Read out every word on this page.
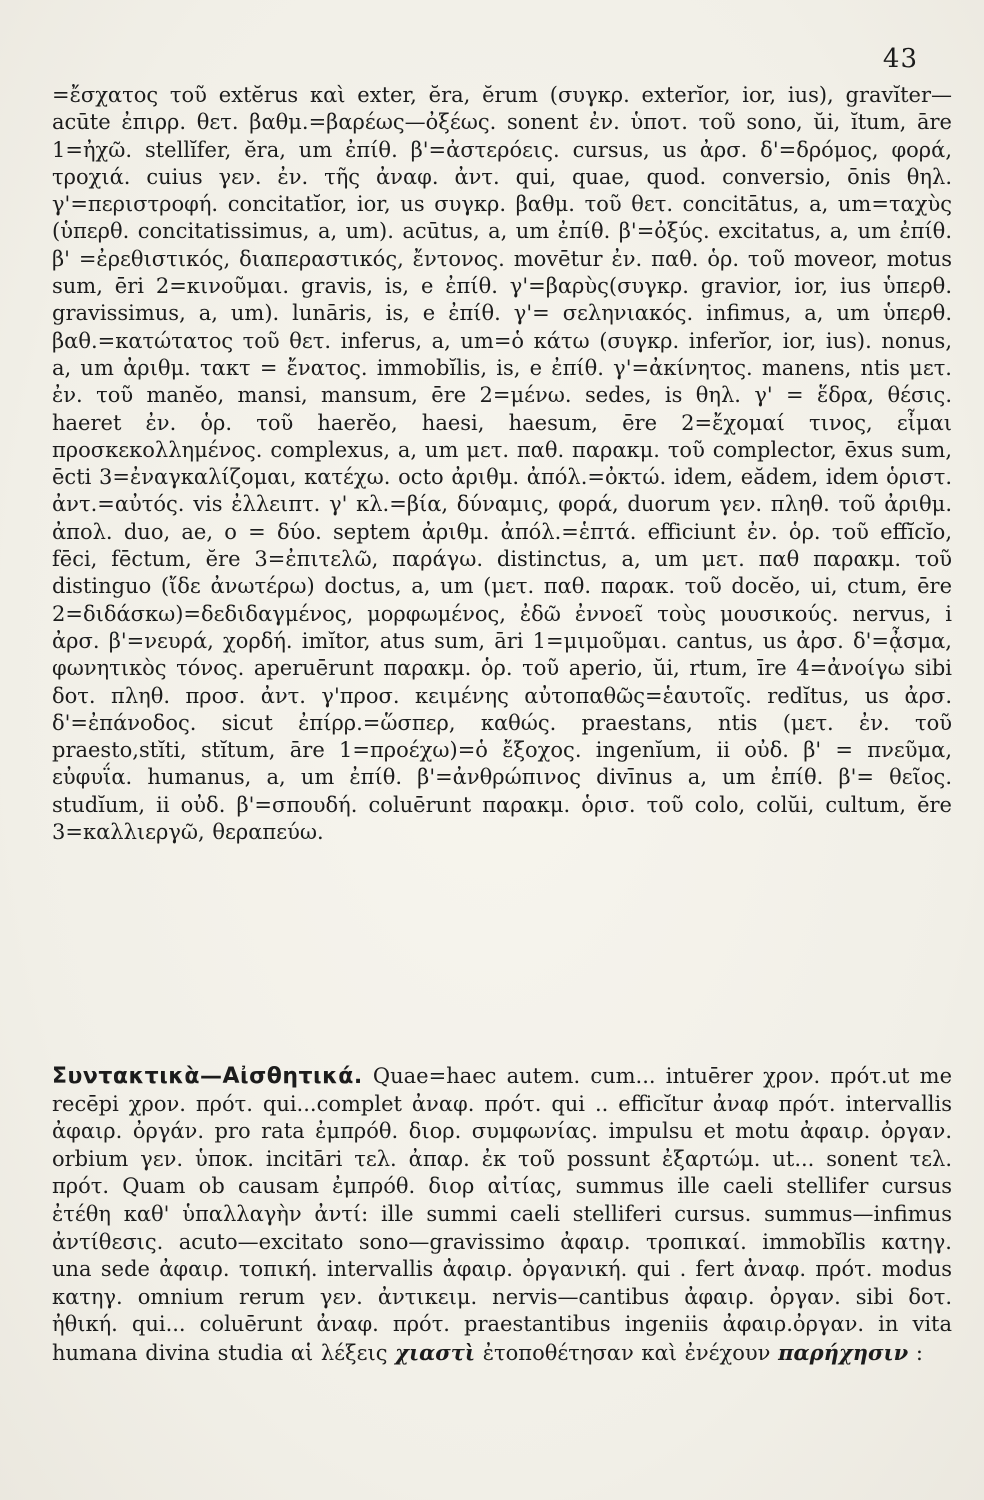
43

=ἔσχατος τοῦ extĕrus καὶ exter, ĕra, ĕrum (συγκρ. exterĭor, ior, ius), gravĭter—acūte ἐπιρρ. θετ. βαθμ.=βαρέως—ὀξέως. sonent ἐν. ὑποτ. τοῦ sono, ŭi, ĭtum, āre 1=ἠχῶ. stellĭfer, ĕra, um ἐπίθ. β'=ἀστερόεις. cursus, us ἀρσ. δ'=δρόμος, φορά, τροχιά. cuius γεν. ἐν. τῆς ἀναφ. ἀντ. qui, quae, quod. conversio, ōnis θηλ. γ'=περιστροφή. concitatĭor, ior, us συγκρ. βαθμ. τοῦ θετ. concitātus, a, um=ταχὺς (ὑπερθ. concitatissimus, a, um). acūtus, a, um ἐπίθ. β'=ὀξύς. excitatus, a, um ἐπίθ. β' =ἐρεθιστικός, διαπεραστικός, ἔντονος. movētur ἐν. παθ. ὁρ. τοῦ moveor, motus sum, ēri 2=κινοῦμαι. gravis, is, e ἐπίθ. γ'=βαρὺς(συγκρ. gravior, ior, ius ὑπερθ. gravissimus, a, um). lunāris, is, e ἐπίθ. γ'= σεληνιακός. infimus, a, um ὑπερθ. βαθ.=κατώτατος τοῦ θετ. inferus, a, um=ὁ κάτω (συγκρ. inferĭor, ior, ius). nonus, a, um ἀριθμ. τακτ = ἔνατος. immobĭlis, is, e ἐπίθ. γ'=ἀκίνητος. manens, ntis μετ. ἐν. τοῦ manĕo, mansi, mansum, ēre 2=μένω. sedes, is θηλ. γ' = ἕδρα, θέσις. haeret ἐν. ὁρ. τοῦ haerĕo, haesi, haesum, ēre 2=ἔχομαί τινος, εἶμαι προσκεκολλημένος. complexus, a, um μετ. παθ. παρακμ. τοῦ complector, ēxus sum, ēcti 3=ἐναγκαλίζομαι, κατέχω. octo ἀριθμ. ἀπόλ.=ὀκτώ. idem, eădem, idem ὁριστ. ἀντ.=αὐτός. vis ἐλλειπτ. γ' κλ.=βία, δύναμις, φορά, duorum γεν. πληθ. τοῦ ἀριθμ. ἀπολ. duo, ae, o = δύο. septem ἀριθμ. ἀπόλ.=ἑπτά. efficiunt ἐν. ὁρ. τοῦ effĭcĭo, fēci, fēctum, ĕre 3=ἐπιτελῶ, παράγω. distinctus, a, um μετ. παθ παρακμ. τοῦ distinguo (ἴδε ἀνωτέρω) doctus, a, um (μετ. παθ. παρακ. τοῦ docĕo, ui, ctum, ēre 2=διδάσκω)=δεδιδαγμένος, μορφωμένος, ἐδῶ ἐννοεῖ τοὺς μουσικούς. nervus, i ἀρσ. β'=νευρά, χορδή. imĭtor, atus sum, āri 1=μιμοῦμαι. cantus, us ἀρσ. δ'=ᾆσμα, φωνητικὸς τόνος. aperuērunt παρακμ. ὁρ. τοῦ aperio, ŭi, rtum, īre 4=ἀνοίγω sibi δοτ. πληθ. προσ. ἀντ. γ'προσ. κειμένης αὐτοπαθῶς=ἑαυτοῖς. redĭtus, us ἀρσ. δ'=ἐπάνοδος. sicut ἐπίρρ.=ὥσπερ, καθώς. praestans, ntis (μετ. ἐν. τοῦ praesto,stĭti, stĭtum, āre 1=προέχω)=ὁ ἔξοχος. ingenĭum, ii οὐδ. β' = πνεῦμα, εὐφυΐα. humanus, a, um ἐπίθ. β'=ἀνθρώπινος divīnus a, um ἐπίθ. β'= θεῖος. studĭum, ii οὐδ. β'=σπουδή. coluērunt παρακμ. ὁρισ. τοῦ colo, colŭi, cultum, ĕre 3=καλλιεργῶ, θεραπεύω.

Συντακτικὰ—Αἰσθητικά. Quae=haec autem. cum... intuērer χρον. πρότ.ut me recēpi χρον. πρότ. qui...complet ἀναφ. πρότ. qui .. efficĭtur ἀναφ πρότ. intervallis ἀφαιρ. ὀργάν. pro rata ἐμπρόθ. διορ. συμφωνίας. impulsu et motu ἀφαιρ. ὀργαν. orbium γεν. ὑποκ. incitāri τελ. ἀπαρ. ἐκ τοῦ possunt ἐξαρτώμ. ut... sonent τελ. πρότ. Quam ob causam ἐμπρόθ. διορ αἰτίας, summus ille caeli stellifer cursus ἐτέθη καθ' ὑπαλλαγὴν ἀντί: ille summi caeli stelliferi cursus. summus—infimus ἀντίθεσις. acuto—excitato sono—gravissimo ἀφαιρ. τροπικαί. immobĭlis κατηγ. una sede ἀφαιρ. τοπική. intervallis ἀφαιρ. ὀργανική. qui . fert ἀναφ. πρότ. modus κατηγ. omnium rerum γεν. ἀντικειμ. nervis—cantibus ἀφαιρ. ὀργαν. sibi δοτ. ἠθική. qui... coluērunt ἀναφ. πρότ. praestantibus ingeniis ἀφαιρ.ὀργαν. in vita humana divina studia αἱ λέξεις χιαστὶ ἐτοποθέτησαν καὶ ἐνέχουν παρήχησιν :
